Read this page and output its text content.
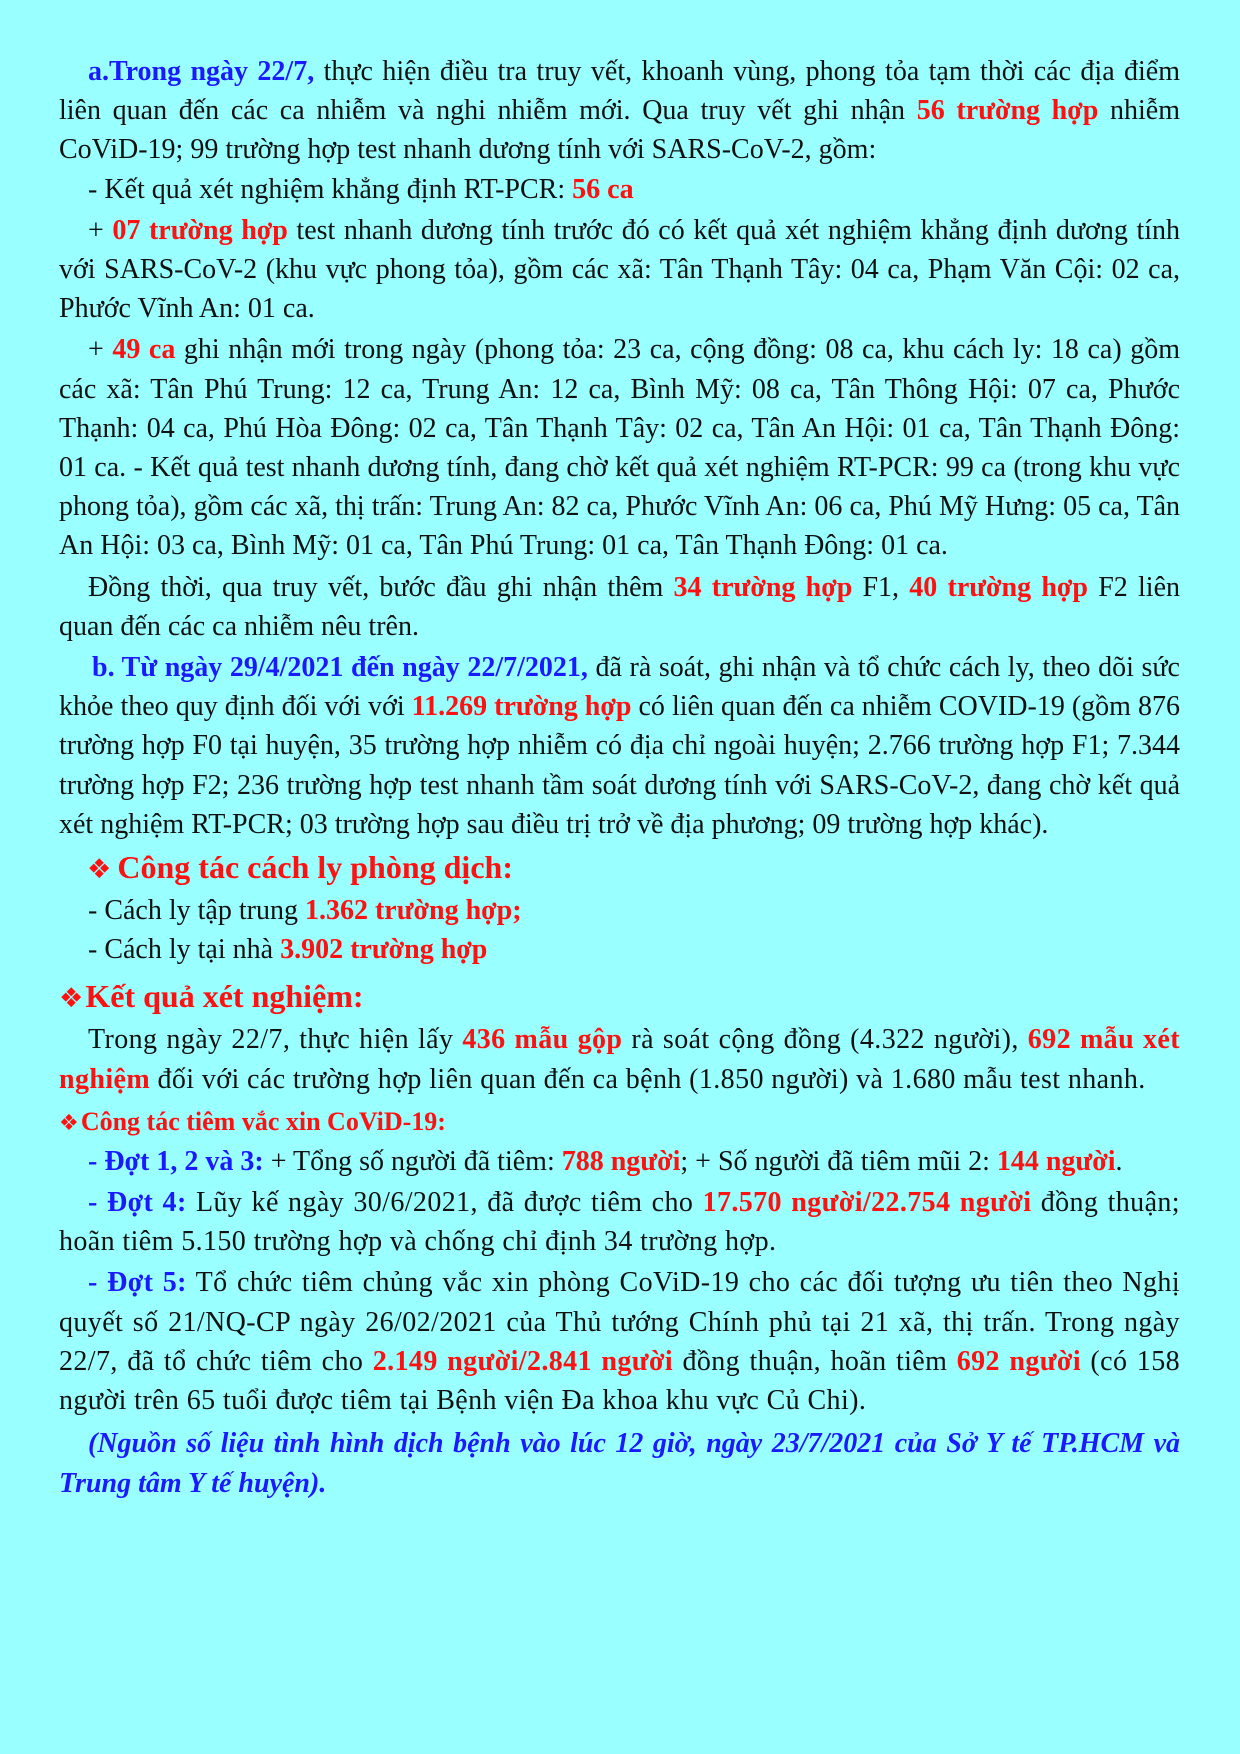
a.Trong ngày 22/7, thực hiện điều tra truy vết, khoanh vùng, phong tỏa tạm thời các địa điểm liên quan đến các ca nhiễm và nghi nhiễm mới. Qua truy vết ghi nhận 56 trường hợp nhiễm CoViD-19; 99 trường hợp test nhanh dương tính với SARS-CoV-2, gồm:

- Kết quả xét nghiệm khẳng định RT-PCR: 56 ca

+ 07 trường hợp test nhanh dương tính trước đó có kết quả xét nghiệm khẳng định dương tính với SARS-CoV-2 (khu vực phong tỏa), gồm các xã: Tân Thạnh Tây: 04 ca, Phạm Văn Cội: 02 ca, Phước Vĩnh An: 01 ca.

+ 49 ca ghi nhận mới trong ngày (phong tỏa: 23 ca, cộng đồng: 08 ca, khu cách ly: 18 ca) gồm các xã: Tân Phú Trung: 12 ca, Trung An: 12 ca, Bình Mỹ: 08 ca, Tân Thông Hội: 07 ca, Phước Thạnh: 04 ca, Phú Hòa Đông: 02 ca, Tân Thạnh Tây: 02 ca, Tân An Hội: 01 ca, Tân Thạnh Đông: 01 ca. - Kết quả test nhanh dương tính, đang chờ kết quả xét nghiệm RT-PCR: 99 ca (trong khu vực phong tỏa), gồm các xã, thị trấn: Trung An: 82 ca, Phước Vĩnh An: 06 ca, Phú Mỹ Hưng: 05 ca, Tân An Hội: 03 ca, Bình Mỹ: 01 ca, Tân Phú Trung: 01 ca, Tân Thạnh Đông: 01 ca.

Đồng thời, qua truy vết, bước đầu ghi nhận thêm 34 trường hợp F1, 40 trường hợp F2 liên quan đến các ca nhiễm nêu trên.

b. Từ ngày 29/4/2021 đến ngày 22/7/2021, đã rà soát, ghi nhận và tổ chức cách ly, theo dõi sức khỏe theo quy định đối với với 11.269 trường hợp có liên quan đến ca nhiễm COVID-19 (gồm 876 trường hợp F0 tại huyện, 35 trường hợp nhiễm có địa chỉ ngoài huyện; 2.766 trường hợp F1; 7.344 trường hợp F2; 236 trường hợp test nhanh tầm soát dương tính với SARS-CoV-2, đang chờ kết quả xét nghiệm RT-PCR; 03 trường hợp sau điều trị trở về địa phương; 09 trường hợp khác).

❖ Công tác cách ly phòng dịch:

- Cách ly tập trung 1.362 trường hợp;

- Cách ly tại nhà 3.902 trường hợp

❖Kết quả xét nghiệm:

Trong ngày 22/7, thực hiện lấy 436 mẫu gộp rà soát cộng đồng (4.322 người), 692 mẫu xét nghiệm đối với các trường hợp liên quan đến ca bệnh (1.850 người) và 1.680 mẫu test nhanh.

❖Công tác tiêm vắc xin CoViD-19:

- Đợt 1, 2 và 3: + Tổng số người đã tiêm: 788 người; + Số người đã tiêm mũi 2: 144 người.

- Đợt 4: Lũy kế ngày 30/6/2021, đã được tiêm cho 17.570 người/22.754 người đồng thuận; hoãn tiêm 5.150 trường hợp và chống chỉ định 34 trường hợp.

- Đợt 5: Tổ chức tiêm chủng vắc xin phòng CoViD-19 cho các đối tượng ưu tiên theo Nghị quyết số 21/NQ-CP ngày 26/02/2021 của Thủ tướng Chính phủ tại 21 xã, thị trấn. Trong ngày 22/7, đã tổ chức tiêm cho 2.149 người/2.841 người đồng thuận, hoãn tiêm 692 người (có 158 người trên 65 tuổi được tiêm tại Bệnh viện Đa khoa khu vực Củ Chi).

(Nguồn số liệu tình hình dịch bệnh vào lúc 12 giờ, ngày 23/7/2021 của Sở Y tế TP.HCM và Trung tâm Y tế huyện).
